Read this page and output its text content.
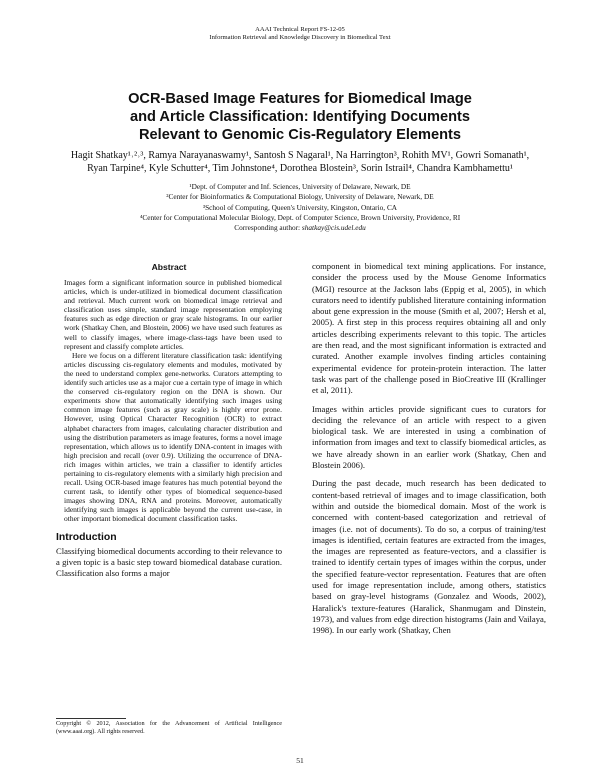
AAAI Technical Report FS-12-05
Information Retrieval and Knowledge Discovery in Biomedical Text
OCR-Based Image Features for Biomedical Image
and Article Classification: Identifying Documents
Relevant to Genomic Cis-Regulatory Elements
Hagit Shatkay¹˒²˒³, Ramya Narayanaswamy¹, Santosh S Nagaral¹, Na Harrington³, Rohith MV¹, Gowri Somanath¹,
Ryan Tarpine⁴, Kyle Schutter⁴, Tim Johnstone⁴, Dorothea Blostein³, Sorin Istrail⁴, Chandra Kambhamettu¹
¹Dept. of Computer and Inf. Sciences, University of Delaware, Newark, DE
²Center for Bioinformatics & Computational Biology, University of Delaware, Newark, DE
³School of Computing, Queen's University, Kingston, Ontario, CA
⁴Center for Computational Molecular Biology, Dept. of Computer Science, Brown University, Providence, RI
Corresponding author: shatkay@cis.udel.edu
Abstract

Images form a significant information source in published biomedical articles, which is under-utilized in biomedical document classification and retrieval. Much current work on biomedical image retrieval and classification uses simple, standard image representation employing features such as edge direction or gray scale histograms. In our earlier work (Shatkay Chen, and Blostein, 2006) we have used such features as well to classify images, where image-class-tags have been used to represent and classify complete articles.

Here we focus on a different literature classification task: identifying articles discussing cis-regulatory elements and modules, motivated by the need to understand complex gene-networks. Curators attempting to identify such articles use as a major cue a certain type of image in which the conserved cis-regulatory region on the DNA is shown. Our experiments show that automatically identifying such images using common image features (such as gray scale) is highly error prone. However, using Optical Character Recognition (OCR) to extract alphabet characters from images, calculating character distribution and using the distribution parameters as image features, forms a novel image representation, which allows us to identify DNA-content in images with high precision and recall (over 0.9). Utilizing the occurrence of DNA-rich images within articles, we train a classifier to identify articles pertaining to cis-regulatory elements with a similarly high precision and recall. Using OCR-based image features has much potential beyond the current task, to identify other types of biomedical sequence-based images showing DNA, RNA and proteins. Moreover, automatically identifying such images is applicable beyond the current use-case, in other important biomedical document classification tasks.

Introduction

Classifying biomedical documents according to their relevance to a given topic is a basic step toward biomedical database curation. Classification also forms a major

component in biomedical text mining applications. For instance, consider the process used by the Mouse Genome Informatics (MGI) resource at the Jackson labs (Eppig et al, 2005), in which curators need to identify published literature containing information about gene expression in the mouse (Smith et al, 2007; Hersh et al, 2005). A first step in this process requires obtaining all and only articles describing experiments relevant to this topic. The articles are then read, and the most significant information is extracted and curated. Another example involves finding articles containing experimental evidence for protein-protein interaction. The latter task was part of the challenge posed in BioCreative III (Krallinger et al, 2011).

Images within articles provide significant cues to curators for deciding the relevance of an article with respect to a given biological task. We are interested in using a combination of information from images and text to classify biomedical articles, as we have already shown in an earlier work (Shatkay, Chen and Blostein 2006).

During the past decade, much research has been dedicated to content-based retrieval of images and to image classification, both within and outside the biomedical domain. Most of the work is concerned with content-based categorization and retrieval of images (i.e. not of documents). To do so, a corpus of training/test images is identified, certain features are extracted from the images, the images are represented as feature-vectors, and a classifier is trained to identify certain types of images within the corpus, under the specified feature-vector representation. Features that are often used for image representation include, among others, statistics based on gray-level histograms (Gonzalez and Woods, 2002), Haralick's texture-features (Haralick, Shanmugam and Dinstein, 1973), and values from edge direction histograms (Jain and Vailaya, 1998). In our early work (Shatkay, Chen

Copyright © 2012, Association for the Advancement of Artificial Intelligence (www.aaai.org). All rights reserved.
51
